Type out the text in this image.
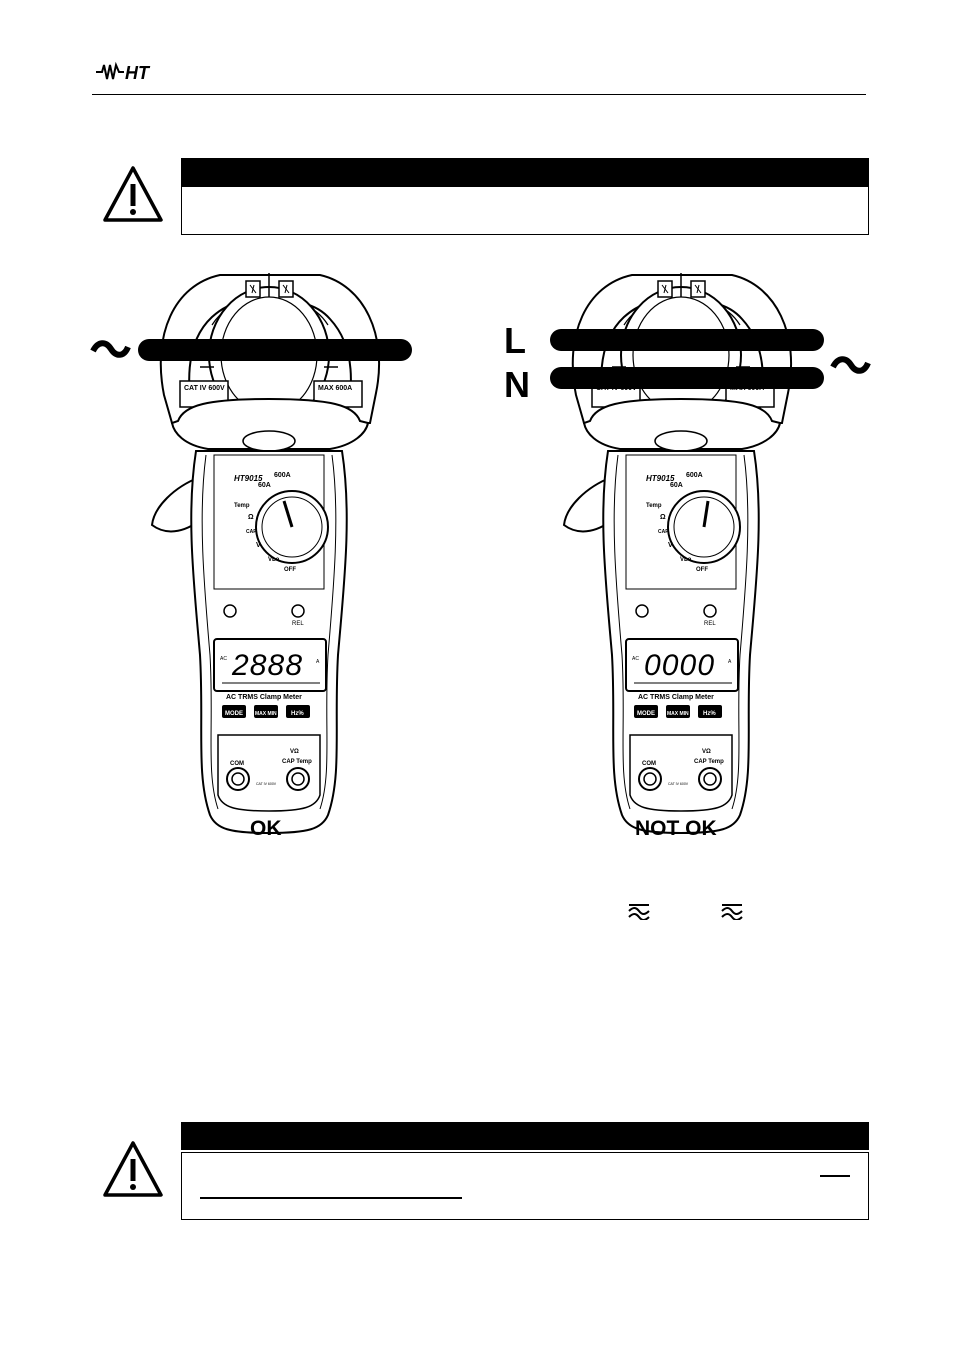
HT
CAT IV 600V	MAX 600A
HT9015 600A
60A
Temp
Ω
CAP
V
VLo
OFF
REL
AC 2888	A
AC TRMS Clamp Meter
MODE MAX MIN Hz%
COM
VΩ
CAP Temp
CAT IV 600V
HT9015 600A
60A
Temp
Ω
CAP
V
VLo
OFF
REL
AC 0000	A
AC TRMS Clamp Meter
MODE MAX MIN Hz%
COM
VΩ
CAP Temp
CAT IV 600V
L
N
OK	NOT OK
